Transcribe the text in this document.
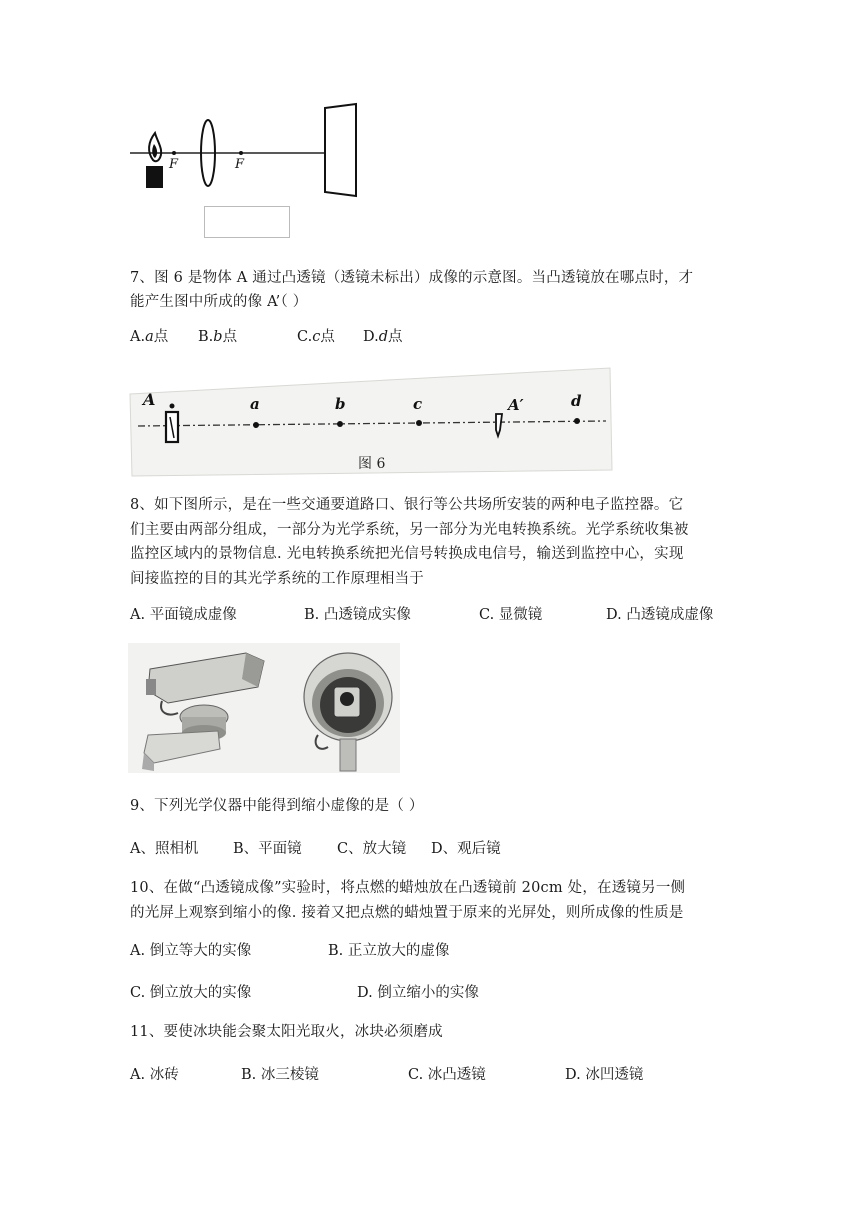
F	F
7、图 6 是物体 A 通过凸透镜（透镜未标出）成像的示意图。当凸透镜放在哪点时，才
能产生图中所成的像 A’（ ）
A.a点 B.b点	C.c点 D.d点
A	a	b	c	A′	d
图 6
8、如下图所示，是在一些交通要道路口、银行等公共场所安装的两种电子监控器。它
们主要由两部分组成，一部分为光学系统，另一部分为光电转换系统。光学系统收集被
监控区域内的景物信息. 光电转换系统把光信号转换成电信号，输送到监控中心，实现
间接监控的目的其光学系统的工作原理相当于
A. 平面镜成虚像	B. 凸透镜成实像	C. 显微镜	D. 凸透镜成虚像
9、下列光学仪器中能得到缩小虚像的是（ ）
A、照相机 B、平面镜 C、放大镜 D、观后镜
10、在做“凸透镜成像”实验时，将点燃的蜡烛放在凸透镜前 20cm 处，在透镜另一侧
的光屏上观察到缩小的像. 接着又把点燃的蜡烛置于原来的光屏处，则所成像的性质是
A. 倒立等大的实像	B. 正立放大的虚像
C. 倒立放大的实像	D. 倒立缩小的实像
11、要使冰块能会聚太阳光取火，冰块必须磨成
A. 冰砖	B. 冰三棱镜	C. 冰凸透镜	D. 冰凹透镜
